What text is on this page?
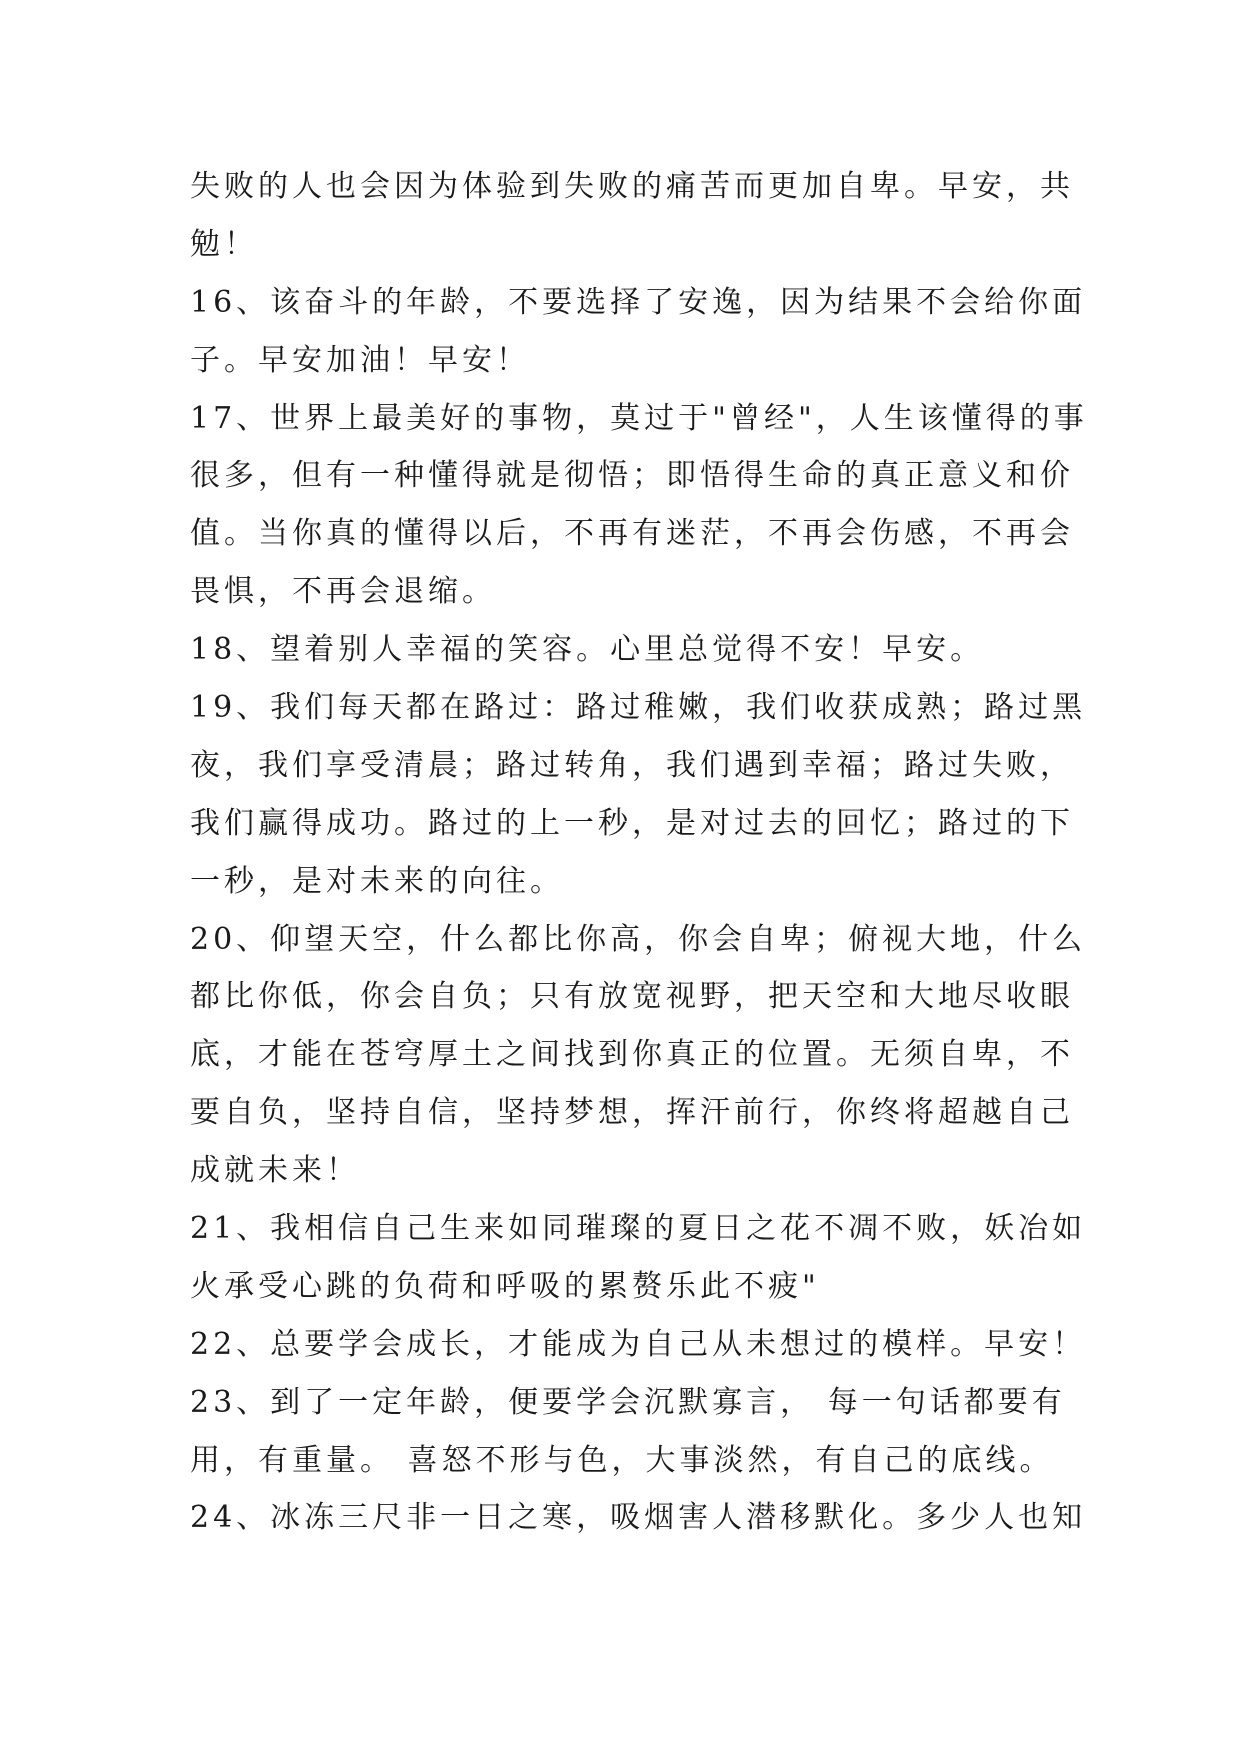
失败的人也会因为体验到失败的痛苦而更加自卑。早安，共
勉！
16、该奋斗的年龄，不要选择了安逸，因为结果不会给你面
子。早安加油！早安！
17、世界上最美好的事物，莫过于"曾经"，人生该懂得的事
很多，但有一种懂得就是彻悟；即悟得生命的真正意义和价
值。当你真的懂得以后，不再有迷茫，不再会伤感，不再会
畏惧，不再会退缩。
18、望着别人幸福的笑容。心里总觉得不安！早安。
19、我们每天都在路过：路过稚嫩，我们收获成熟；路过黑
夜，我们享受清晨；路过转角，我们遇到幸福；路过失败，
我们赢得成功。路过的上一秒，是对过去的回忆；路过的下
一秒，是对未来的向往。
20、仰望天空，什么都比你高，你会自卑；俯视大地，什么
都比你低，你会自负；只有放宽视野，把天空和大地尽收眼
底，才能在苍穹厚土之间找到你真正的位置。无须自卑，不
要自负，坚持自信，坚持梦想，挥汗前行，你终将超越自己
成就未来！
21、我相信自己生来如同璀璨的夏日之花不凋不败，妖冶如
火承受心跳的负荷和呼吸的累赘乐此不疲"
22、总要学会成长，才能成为自己从未想过的模样。早安！
23、到了一定年龄，便要学会沉默寡言， 每一句话都要有
用，有重量。 喜怒不形与色，大事淡然，有自己的底线。
24、冰冻三尺非一日之寒，吸烟害人潜移默化。多少人也知
